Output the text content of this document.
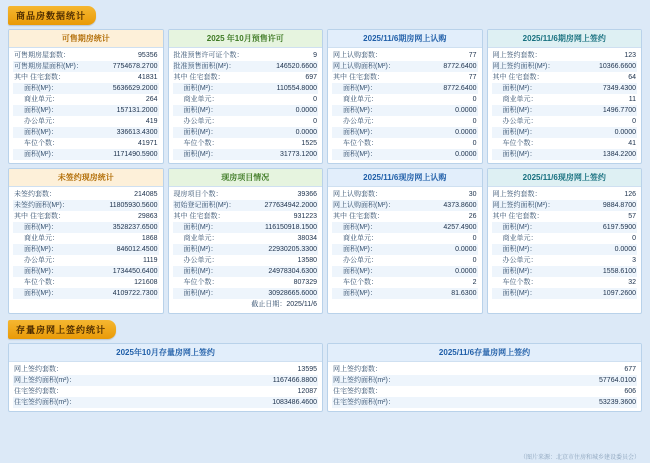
商品房数据统计
可售期房统计
可售期房屋套数：	95356
可售期房屋面积(M²)：	7754678.2700
其中 住宅套数：	41831
面积(M²)：	5636629.2000
商业单元：	264
面积(M²)：	157131.2000
办公单元：	419
面积(M²)：	336613.4300
车位个数：	41971
面积(M²)：	1171490.5900
2025 年10月预售许可
批准预售许可证个数：	9
批准预售面积(M²)：	146520.6600
其中 住宅套数：	697
面积(M²)：	110554.8000
商业单元：	0
面积(M²)：	0.0000
办公单元：	0
面积(M²)：	0.0000
车位个数：	1525
面积(M²)：	31773.1200
2025/11/6期房网上认购
网上认购套数：	77
网上认购面积(M²)：	8772.6400
其中 住宅套数：	77
面积(M²)：	8772.6400
商业单元：	0
面积(M²)：	0.0000
办公单元：	0
面积(M²)：	0.0000
车位个数：	0
面积(M²)：	0.0000
2025/11/6期房网上签约
网上签约套数：	123
网上签约面积(M²)：	10366.6600
其中 住宅套数：	64
面积(M²)：	7349.4300
商业单元：	11
面积(M²)：	1496.7700
办公单元：	0
面积(M²)：	0.0000
车位个数：	41
面积(M²)：	1384.2200
未签约现房统计
未签约套数：	214085
未签约面积(M²)：	11805930.5600
其中 住宅套数：	29863
面积(M²)：	3528237.6500
商业单元：	1868
面积(M²)：	846012.4500
办公单元：	1119
面积(M²)：	1734450.6400
车位个数：	121608
面积(M²)：	4109722.7300
现房项目情况
现房项目个数：	39366
初始登记面积(M²)：	277634942.2000
其中 住宅套数：	931223
面积(M²)：	116150918.1500
商业单元：	38034
面积(M²)：	22930205.3300
办公单元：	13580
面积(M²)：	24978304.6300
车位个数：	807329
面积(M²)：	30928665.6000
截止日期： 2025/11/6
2025/11/6现房网上认购
网上认购套数：	30
网上认购面积(M²)：	4373.8600
其中 住宅套数：	26
面积(M²)：	4257.4900
商业单元：	0
面积(M²)：	0.0000
办公单元：	0
面积(M²)：	0.0000
车位个数：	2
面积(M²)：	81.6300
2025/11/6现房网上签约
网上签约套数：	126
网上签约面积(M²)：	9884.8700
其中 住宅套数：	57
面积(M²)：	6197.5900
商业单元：	0
面积(M²)：	0.0000
办公单元：	3
面积(M²)：	1558.6100
车位个数：	32
面积(M²)：	1097.2600
存量房网上签约统计
2025年10月存量房网上签约
网上签约套数：	13595
网上签约面积(m²)：	1167466.8800
住宅签约套数：	12087
住宅签约面积(m²)：	1083486.4600
2025/11/6存量房网上签约
网上签约套数：	677
网上签约面积(m²)：	57764.0100
住宅签约套数：	606
住宅签约面积(m²)：	53239.3600
（图片来源：北京市住房和城乡建设委员会）
